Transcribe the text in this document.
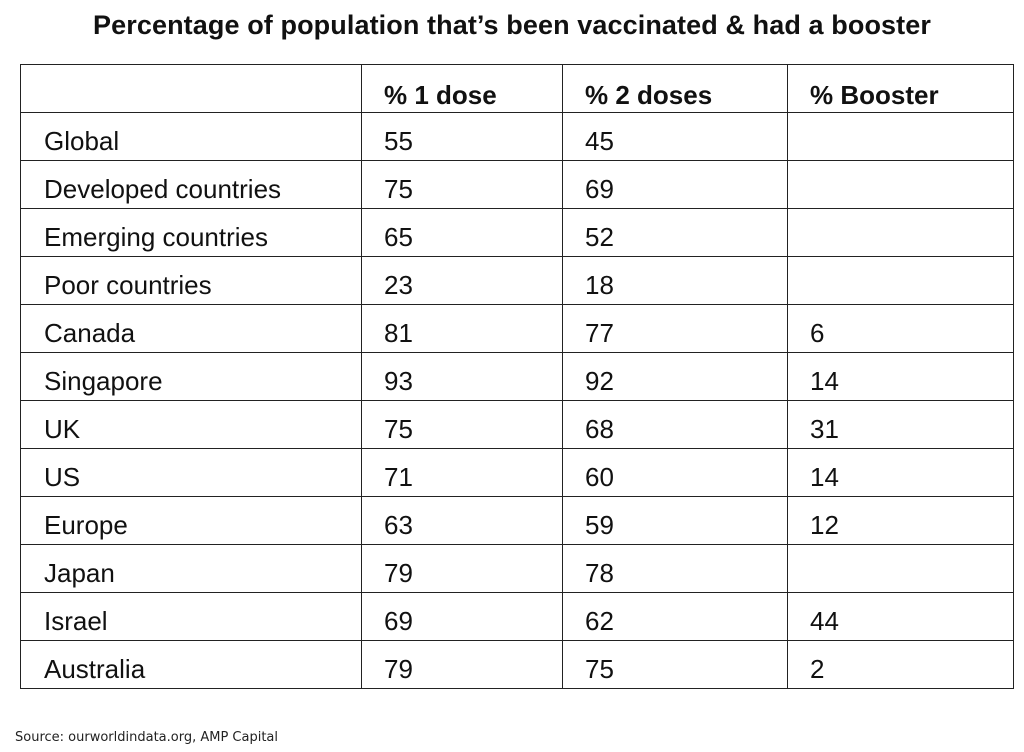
Percentage of population that’s been vaccinated & had a booster
	% 1 dose	% 2 doses	% Booster
Global	55	45	
Developed countries	75	69	
Emerging countries	65	52	
Poor countries	23	18	
Canada	81	77	6
Singapore	93	92	14
UK	75	68	31
US	71	60	14
Europe	63	59	12
Japan	79	78	
Israel	69	62	44
Australia	79	75	2
Source: ourworldindata.org, AMP Capital
